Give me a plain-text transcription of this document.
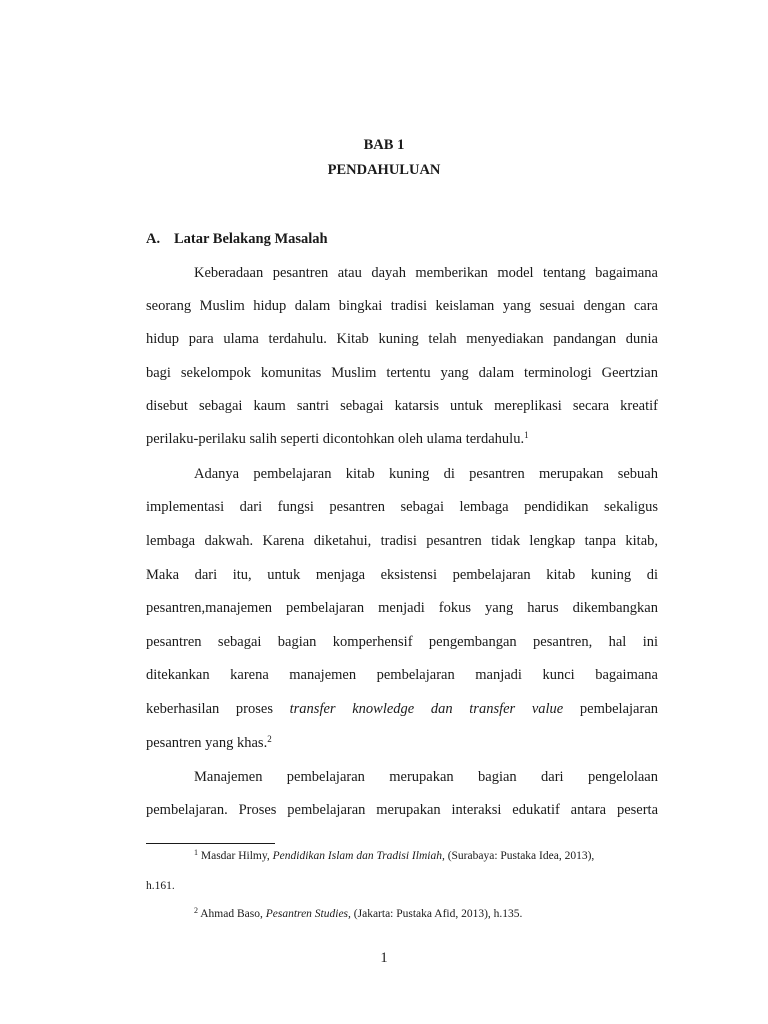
BAB 1
PENDAHULUAN
A. Latar Belakang Masalah
Keberadaan pesantren atau dayah memberikan model tentang bagaimana
seorang Muslim hidup dalam bingkai tradisi keislaman yang sesuai dengan cara
hidup para ulama terdahulu. Kitab kuning telah menyediakan pandangan dunia
bagi sekelompok komunitas Muslim tertentu yang dalam terminologi Geertzian
disebut sebagai kaum santri sebagai katarsis untuk mereplikasi secara kreatif
perilaku-perilaku salih seperti dicontohkan oleh ulama terdahulu.$^1$
Adanya pembelajaran kitab kuning di pesantren merupakan sebuah
implementasi dari fungsi pesantren sebagai lembaga pendidikan sekaligus
lembaga dakwah. Karena diketahui, tradisi pesantren tidak lengkap tanpa kitab,
Maka dari itu, untuk menjaga eksistensi pembelajaran kitab kuning di
pesantren,manajemen pembelajaran menjadi fokus yang harus dikembangkan
pesantren sebagai bagian komperhensif pengembangan pesantren, hal ini
ditekankan karena manajemen pembelajaran manjadi kunci bagaimana
keberhasilan proses transfer knowledge dan transfer value pembelajaran
pesantren yang khas.$^2$
Manajemen pembelajaran merupakan bagian dari pengelolaan
pembelajaran. Proses pembelajaran merupakan interaksi edukatif antara peserta
$^1$ Masdar Hilmy, Pendidikan Islam dan Tradisi Ilmiah, (Surabaya: Pustaka Idea, 2013),
h.161.
$^2$ Ahmad Baso, Pesantren Studies, (Jakarta: Pustaka Afid, 2013), h.135.
1
